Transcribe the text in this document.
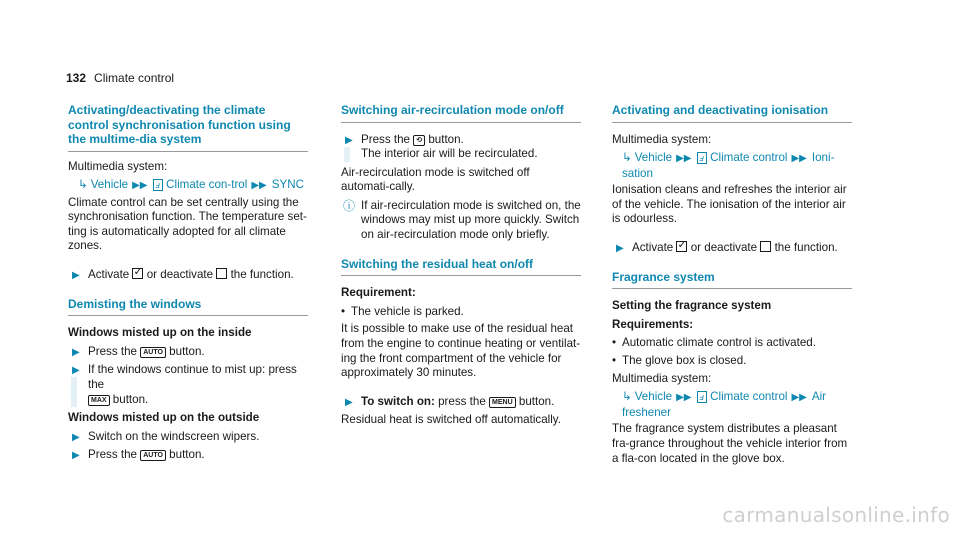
132 Climate control
Activating/deactivating the climate control synchronisation function using the multime-dia system
Multimedia system:
↳ Vehicle ▶▶ ⅎ Climate con-trol ▶▶ SYNC
Climate control can be set centrally using the synchronisation function. The temperature set-ting is automatically adopted for all climate zones.
▶ Activate ✓ or deactivate the function.
Demisting the windows
Windows misted up on the inside
▶ Press the AUTO button.
▶ If the windows continue to mist up: press the
MAX button.
Windows misted up on the outside
▶ Switch on the windscreen wipers.
▶ Press the AUTO button.
Switching air-recirculation mode on/off
▶ Press the ⟲ button.
The interior air will be recirculated.
Air-recirculation mode is switched off automati-cally.
ⓘ If air-recirculation mode is switched on, the windows may mist up more quickly. Switch on air-recirculation mode only briefly.
Switching the residual heat on/off
Requirement:
• The vehicle is parked.
It is possible to make use of the residual heat from the engine to continue heating or ventilat-ing the front compartment of the vehicle for approximately 30 minutes.
▶ To switch on: press the MENU button.
Residual heat is switched off automatically.
Activating and deactivating ionisation
Multimedia system:
↳ Vehicle ▶▶ ⅎ Climate control ▶▶ Ioni-sation
Ionisation cleans and refreshes the interior air of the vehicle. The ionisation of the interior air is odourless.
▶ Activate ✓ or deactivate the function.
Fragrance system
Setting the fragrance system
Requirements:
• Automatic climate control is activated.
• The glove box is closed.
Multimedia system:
↳ Vehicle ▶▶ ⅎ Climate control ▶▶ Air freshener
The fragrance system distributes a pleasant fra-grance throughout the vehicle interior from a fla-con located in the glove box.
carmanualsonline.info
